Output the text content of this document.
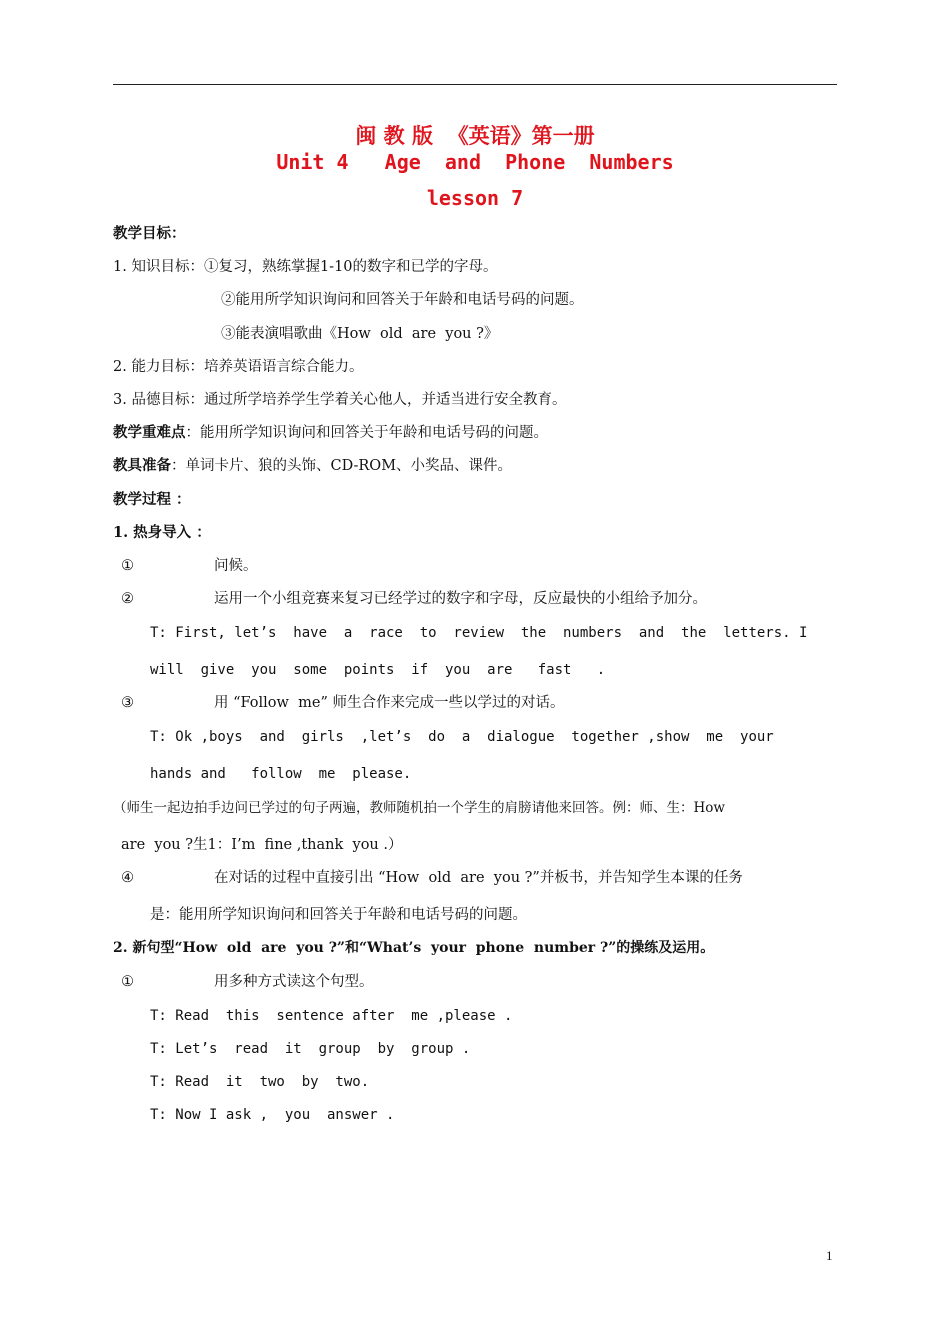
闽 教 版  《英语》第一册
Unit 4   Age  and  Phone  Numbers
lesson 7
教学目标：
1. 知识目标：①复习，熟练掌握1-10的数字和已学的字母。
②能用所学知识询问和回答关于年龄和电话号码的问题。
③能表演唱歌曲《How  old  are  you ?》
2. 能力目标：培养英语语言综合能力。
3. 品德目标：通过所学培养学生学着关心他人，并适当进行安全教育。
教学重难点：能用所学知识询问和回答关于年龄和电话号码的问题。
教具准备：单词卡片、狼的头饰、CD-ROM、小奖品、课件。
教学过程 ：
1. 热身导入 ：
①	问候。
②	运用一个小组竞赛来复习已经学过的数字和字母，反应最快的小组给予加分。
T: First, let’s  have  a  race  to  review  the  numbers  and  the  letters. I
will  give  you  some  points  if  you  are   fast   .
③	用 “Follow  me” 师生合作来完成一些以学过的对话。
T: Ok ,boys  and  girls  ,let’s  do  a  dialogue  together ,show  me  your
hands and   follow  me  please.
（师生一起边拍手边问已学过的句子两遍，教师随机拍一个学生的肩膀请他来回答。例：师、生：How
are  you ?生1：I’m  fine ,thank  you .）
④	在对话的过程中直接引出 “How  old  are  you ?”并板书，并告知学生本课的任务
是：能用所学知识询问和回答关于年龄和电话号码的问题。
2. 新句型“How  old  are  you ?”和“What’s  your  phone  number ?”的操练及运用。
①	用多种方式读这个句型。
T: Read  this  sentence after  me ,please .
T: Let’s  read  it  group  by  group .
T: Read  it  two  by  two.
T: Now I ask ,  you  answer .
1
